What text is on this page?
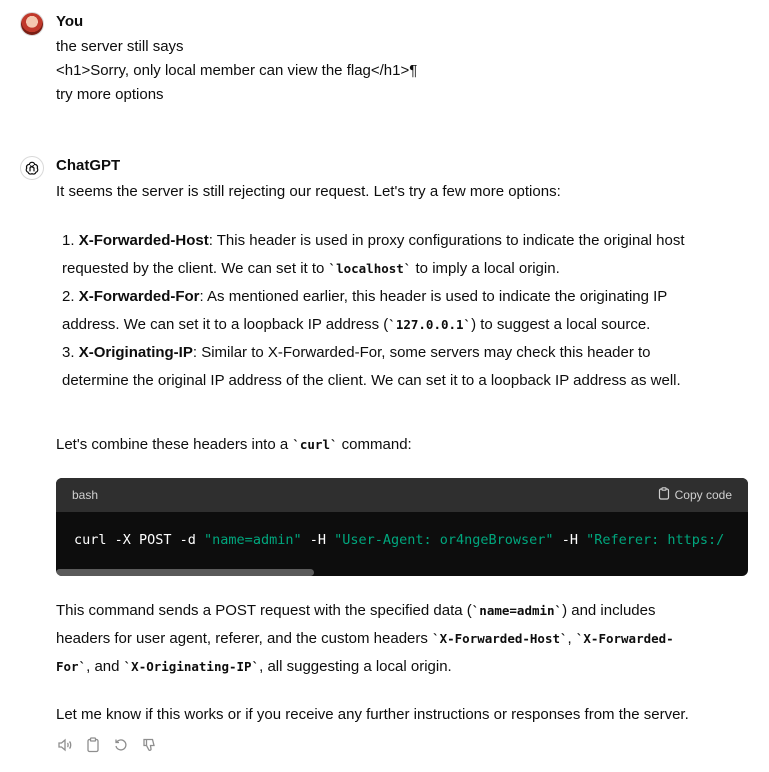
You
the server still says
<h1>Sorry, only local member can view the flag</h1>¶
try more options
ChatGPT
It seems the server is still rejecting our request. Let's try a few more options:
1. X-Forwarded-Host: This header is used in proxy configurations to indicate the original host
requested by the client. We can set it to `localhost` to imply a local origin.
2. X-Forwarded-For: As mentioned earlier, this header is used to indicate the originating IP
address. We can set it to a loopback IP address (`127.0.0.1`) to suggest a local source.
3. X-Originating-IP: Similar to X-Forwarded-For, some servers may check this header to
determine the original IP address of the client. We can set it to a loopback IP address as well.
Let's combine these headers into a `curl` command:
bash	Copy code
curl -X POST -d "name=admin" -H "User-Agent: or4ngeBrowser" -H "Referer: https:/
This command sends a POST request with the specified data (`name=admin`) and includes
headers for user agent, referer, and the custom headers `X-Forwarded-Host`, `X-Forwarded-
For`, and `X-Originating-IP`, all suggesting a local origin.
Let me know if this works or if you receive any further instructions or responses from the server.
